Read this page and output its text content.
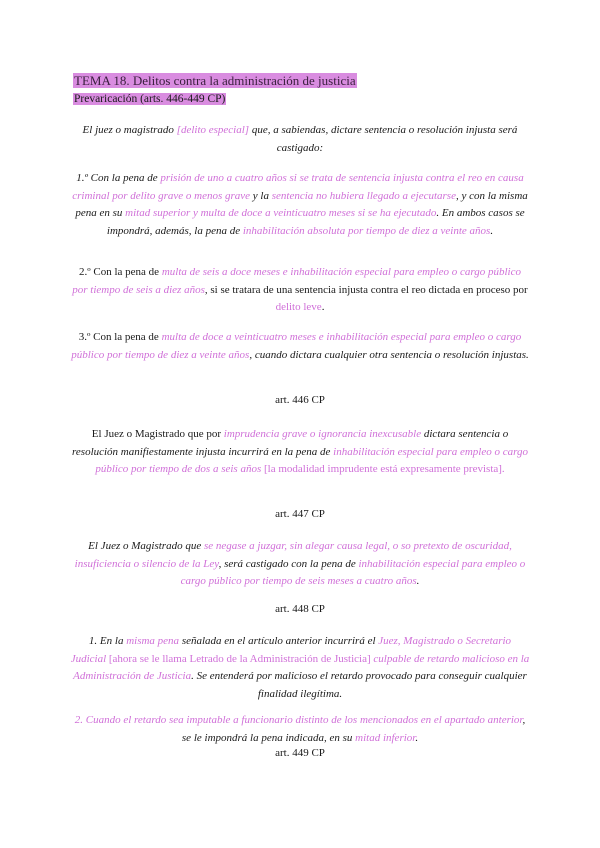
TEMA 18. Delitos contra la administración de justicia
Prevaricación (arts. 446-449 CP)
El juez o magistrado [delito especial] que, a sabiendas, dictare sentencia o resolución injusta será castigado:
1.º Con la pena de prisión de uno a cuatro años si se trata de sentencia injusta contra el reo en causa criminal por delito grave o menos grave y la sentencia no hubiera llegado a ejecutarse, y con la misma pena en su mitad superior y multa de doce a veinticuatro meses si se ha ejecutado. En ambos casos se impondrá, además, la pena de inhabilitación absoluta por tiempo de diez a veinte años.
2.º Con la pena de multa de seis a doce meses e inhabilitación especial para empleo o cargo público por tiempo de seis a diez años, si se tratara de una sentencia injusta contra el reo dictada en proceso por delito leve.
3.º Con la pena de multa de doce a veinticuatro meses e inhabilitación especial para empleo o cargo público por tiempo de diez a veinte años, cuando dictara cualquier otra sentencia o resolución injustas.
art. 446 CP
El Juez o Magistrado que por imprudencia grave o ignorancia inexcusable dictara sentencia o resolución manifiestamente injusta incurrirá en la pena de inhabilitación especial para empleo o cargo público por tiempo de dos a seis años [la modalidad imprudente está expresamente prevista].
art. 447 CP
El Juez o Magistrado que se negase a juzgar, sin alegar causa legal, o so pretexto de oscuridad, insuficiencia o silencio de la Ley, será castigado con la pena de inhabilitación especial para empleo o cargo público por tiempo de seis meses a cuatro años.
art. 448 CP
1. En la misma pena señalada en el artículo anterior incurrirá el Juez, Magistrado o Secretario Judicial [ahora se le llama Letrado de la Administración de Justicia] culpable de retardo malicioso en la Administración de Justicia. Se entenderá por malicioso el retardo provocado para conseguir cualquier finalidad ilegítima.
2. Cuando el retardo sea imputable a funcionario distinto de los mencionados en el apartado anterior, se le impondrá la pena indicada, en su mitad inferior.
art. 449 CP
